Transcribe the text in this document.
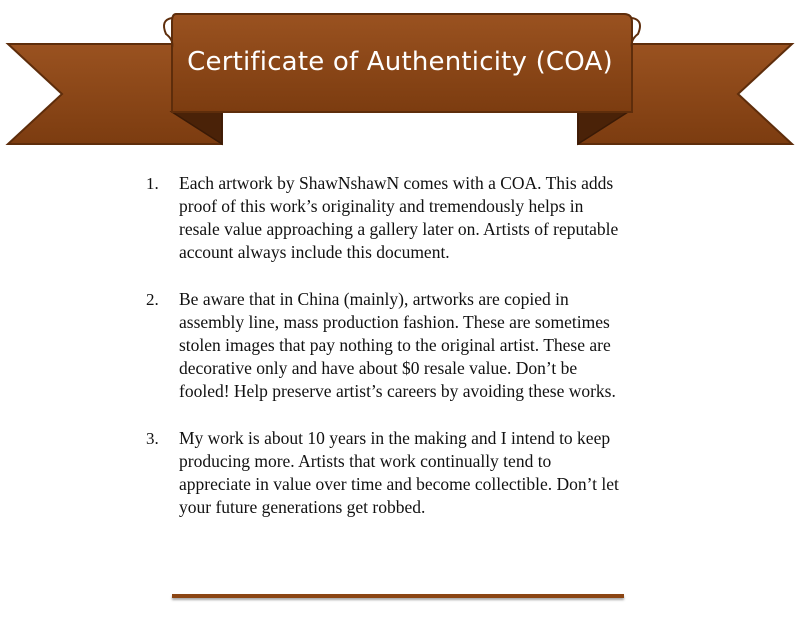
Certificate of Authenticity (COA)
1.	Each artwork by ShawNshawN comes with a COA. This adds proof of this work’s originality and tremendously helps in resale value approaching a gallery later on. Artists of reputable account always include this document.
2.	Be aware that in China (mainly), artworks are copied in assembly line, mass production fashion. These are sometimes stolen images that pay nothing to the original artist. These are decorative only and have about $0 resale value. Don’t be fooled! Help preserve artist’s careers by avoiding these works.
3.	My work is about 10 years in the making and I intend to keep producing more. Artists that work continually tend to appreciate in value over time and become collectible. Don’t let your future generations get robbed.
